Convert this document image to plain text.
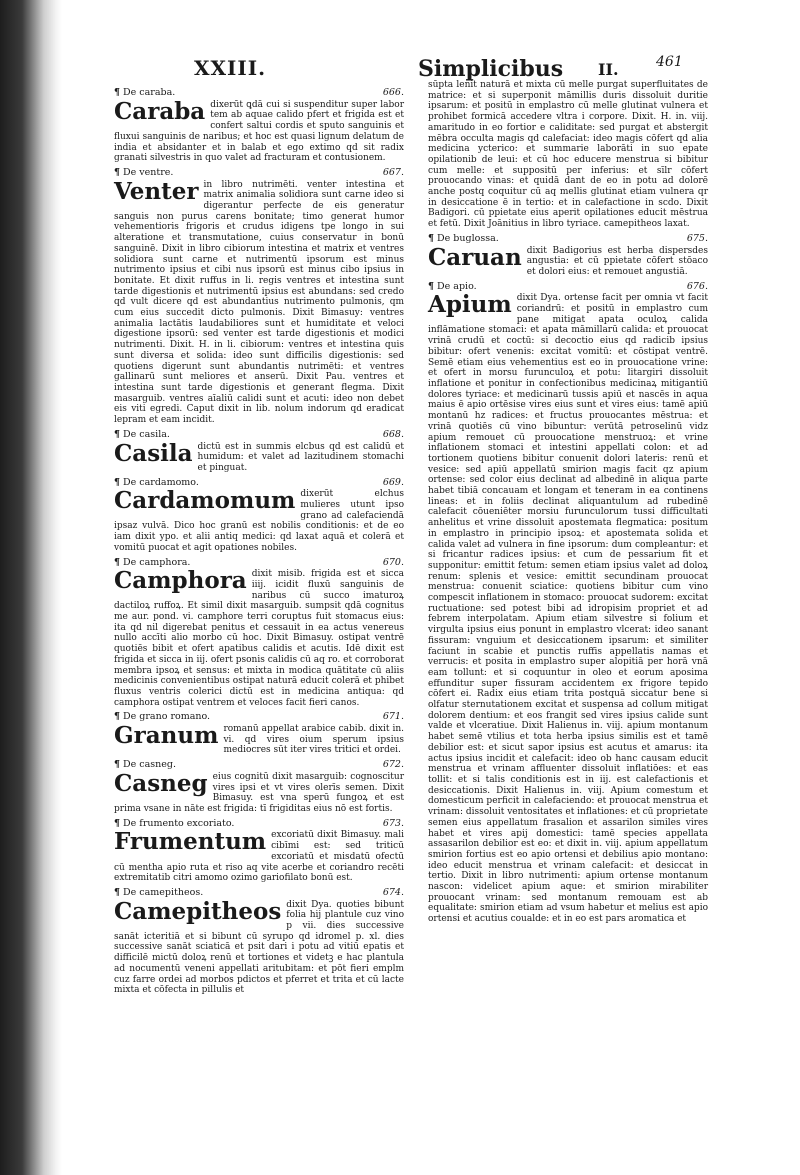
XXIII.	Simplicibus II.	461
¶ De caraba.	666.
Caraba dixerūt ꝗdā cui si suspenditur super labor tem ab aquae calido pfert et frigida est et confert saltui cordis et sputo sanguinis et fluxui sanguinis de naribus; et hoc est quasi lignum delatum de india et absidanter et in balab et ego extimo qd sit radix granati silvestris in quo valet ad fracturam et contusionem.

¶ De ventre.	667.
Venter in libro nutrimēti. venter intestina et matrix animalia solidiora sunt carne ideo si digerantur perfecte de eis generatur sanguis non purus carens bonitate; timo generat humor vehementioris frigoris et crudus idigens tpe longo in sui alteratione et transmutatione, cuius conservatur in bonū sanguinē. Dixit in libro cibiorum intestina et matrix et ventres solidiora sunt carne et nutrimentū ipsorum est minus nutrimento ipsius et cibi nus ipsorū est minus cibo ipsius in bonitate. Et dixit ruffus in li. regis ventres et intestina sunt tarde digestionis et nutrimentū ipsius est abundans: sed credo qd vult dicere qd est abundantius nutrimento pulmonis, qm cum eius succedit dicto pulmonis. Dixit Bimasuy: ventres animalia lactātis laudabiliores sunt et humiditate et veloci digestione ipsorū: sed venter est tarde digestionis et modici nutrimenti. Dixit. H. in li. cibiorum: ventres et intestina quis sunt diversa et solida: ideo sunt difficilis digestionis: sed quotiens digerunt sunt abundantis nutrimēti: et ventres gallinarū sunt meliores et anserū. Dixit Pau. ventres et intestina sunt tarde digestionis et generant flegma. Dixit masarguib. ventres aīaliū calidi sunt et acuti: ideo non debet eis viti egredi. Caput dixit in lib. nolum indorum qd eradicat lepram et eam incidit.

¶ De casila.	668.
Casila dictū est in summis elcbus qd est calidū et humidum: et valet ad lazitudinem stomachi et pinguat.

¶ De cardamomo.	669.
Cardamomum dixerūt elchus mulieres utunt ipso grano ad calefaciendā ipsaz vulvā. Dico hoc granū est nobilis conditionis: et de eo iam dixit ypo. et alii antiq medici: qd laxat aquā et colerā et vomitū puocat et agit opationes nobiles.

¶ De camphora.	670.
Camphora dixit misib. frigida est et sicca iiij. icidit fluxū sanguinis de naribus cū succo imaturoꝝ dactiloꝝ ruffoꝝ. Et simil dixit masarguib. sumpsit qdā cognitus me aur. pond. vi. camphore terri coruptus fuit stomacus eius: ita qd nil digerebat penitus et cessauit in ea actus venereus nullo accīti alio morbo cū hoc. Dixit Bimasuy. ostipat ventrē quotiēs bibit et ofert apatibus calidis et acutis. Idē dixit est frigida et sicca in iij. ofert psonis calidis cū aq ro. et corroborat membra ipsoꝝ et sensus: et mixta in modica quātitate cū aliis medicinis convenientibus ostipat naturā educit colerā et phibet fluxus ventris colerici dictū est in medicina antiqua: qd camphora ostipat ventrem et veloces facit fieri canos.

¶ De grano romano.	671.
Granum romanū appellat arabice cabib. dixit in. vi. qd vires oium sperum ipsius mediocres sūt iter vires tritici et ordei.

¶ De casneg.	672.
Casneg eius cognitū dixit masarguib: cognoscitur vires ipsi et vt vires olerīs semen. Dixit Bimasuy. est vna sperū fungoꝝ et est prima vsane in nāte est frigida: tī frigiditas eius nō est fortis.

¶ De frumento excoriato.	673.
Frumentum excoriatū dixit Bimasuy. mali cibīmi est: sed triticū excoriatū et misdatū ofectū cū mentha apio ruta et riso aq vite acerbe et coriandro recēti extremitatib citri amomo ozimo gariofilato bonū est.

¶ De camepitheos.	674.
Camepitheos dixit Dya. quoties bibunt folia hij plantule cuz vino p vii. dies successive sanāt icteritiā et si bibunt cū syrupo qd idromel p. xl. dies successive sanāt sciaticā et psit dari i potu ad vitiū epatis et difficilē mictū doloꝝ renū et tortiones et videtꝫ e hac plantula ad nocumentū veneni appellati aritubitam: et pōt fieri emplm cuz farre ordei ad morbos pdictos et pferret et trita et cū lacte mixta et cōfecta in pillulis et

sūpta lenit naturā et mixta cū melle purgat superfluitates de matrice: et si superponit māmillis duris dissoluit duritie ipsarum: et positū in emplastro cū melle glutinat vulnera et prohibet formicā accedere vltra i corpore. Dixit. H. in. viij. amaritudo in eo fortior e caliditate: sed purgat et abstergit mēbra occulta magis qd calefaciat: ideo magis cōfert qd alia medicina ycterico: et summarie laborāti in suo epate opilationib de leui: et cū hoc educere menstrua si bibitur cum melle: et suppositū per inferius: et sīlr cōfert prouocando vinas: et quidā dant de eo in potu ad dolorē anche postq coquitur cū aq mellis glutinat etiam vulnera qr in desiccatione ē in tertio: et in calefactione in scdo. Dixit Badigori. cū ppietate eius aperit opilationes educit mēstrua et fetū. Dixit Joānitius in libro tyriace. camepitheos laxat.

¶ De buglossa.	675.
Caruan dixit Badigorius est herba dispersdes angustia: et cū ppietate cōfert stōaco et dolori eius: et remouet angustiā.

¶ De apio.	676.
Apium dixit Dya. ortense facit per omnia vt facit coriandrū: et positū in emplastro cum pane mitigat apata oculoꝝ calida inflāmatione stomaci: et apata māmillarū calida: et prouocat vrinā crudū et coctū: si decoctio eius qd radicib ipsius bibitur: ofert venenis: excitat vomitū: et cōstipat ventrē. Semē etiam eius vehementius est eo in prouocatione vrine: et ofert in morsu furunculoꝝ et potu: litargiri dissoluit inflatione et ponitur in confectionibus medicinaꝝ mitigantiū dolores tyriace: et medicinarū tussis apiū et nascēs in aqua maius ē apio ortēsise vires eius sunt et vires eius: tamē apiū montanū hz radices: et fructus prouocantes mēstrua: et vrinā quotiēs cū vino bibuntur: verūtā petroselinū vidz apium remouet cū prouocatione menstruoꝝ: et vrine inflationem stomaci et intestini appellati colon: et ad tortionem quotiens bibitur conuenit dolori lateris: renū et vesice: sed apiū appellatū smirion magis facit qz apium ortense: sed color eius declinat ad albedinē in aliqua parte habet tibiā concauam et longam et teneram in ea continens lineas: et in foliis declinat aliquantulum ad rubedinē calefacit cōueniēter morsiu furunculorum tussi difficultati anhelitus et vrine dissoluit apostemata flegmatica: positum in emplastro in principio ipsoꝝ: et apostemata solida et calida valet ad vulnera in fine ipsorum: dum compleantur: et si fricantur radices ipsius: et cum de pessarium fit et supponitur: emittit fetum: semen etiam ipsius valet ad doloꝝ renum: splenis et vesice: emittit secundinam prouocat menstrua: conuenit sciatice: quotiens bibitur cum vino compescit inflationem in stomaco: prouocat sudorem: excitat ructuatione: sed potest bibi ad idropisim propriet et ad febrem interpolatam. Apium etiam silvestre si folium et virgulta ipsius eius ponunt in emplastro vlcerat: ideo sanant fissuram: vnguium et desiccationem ipsarum: et similiter faciunt in scabie et punctis ruffis appellatis namas et verrucis: et posita in emplastro super alopitiā per horā vnā eam tollunt: et si coquuntur in oleo et eorum aposima effunditur super fissuram accidentem ex frigore tepido cōfert ei. Radix eius etiam trita postquā siccatur bene si olfatur sternutationem excitat et suspensa ad collum mitigat dolorem dentium: et eos frangit sed vires ipsius calide sunt valde et vlceratiue. Dixit Halienus in. viij. apium montanum habet semē vtilius et tota herba ipsius similis est et tamē debilior est: et sicut sapor ipsius est acutus et amarus: ita actus ipsius incidit et calefacit: ideo ob hanc causam educit menstrua et vrinam affluenter dissoluit inflatiōes: et eas tollit: et si talis conditionis est in iij. est calefactionis et desiccationis. Dixit Halienus in. viij. Apium comestum et domesticum perficit in calefaciendo: et prouocat menstrua et vrinam: dissoluit ventositates et inflationes: et cū proprietate semen eius appellatum frasalion et assarilon similes vires habet et vires apij domestici: tamē species appellata assasarilon debilior est eo: et dixit in. viij. apium appellatum smirion fortius est eo apio ortensi et debilius apio montano: ideo educit menstrua et vrinam calefacit: et desiccat in tertio. Dixit in libro nutrimenti: apium ortense montanum nascon: videlicet apium aque: et smirion mirabiliter prouocant vrinam: sed montanum remouam est ab equalitate: smirion etiam ad vsum habetur et melius est apio ortensi et acutius coualde: et in eo est pars aromatica et
